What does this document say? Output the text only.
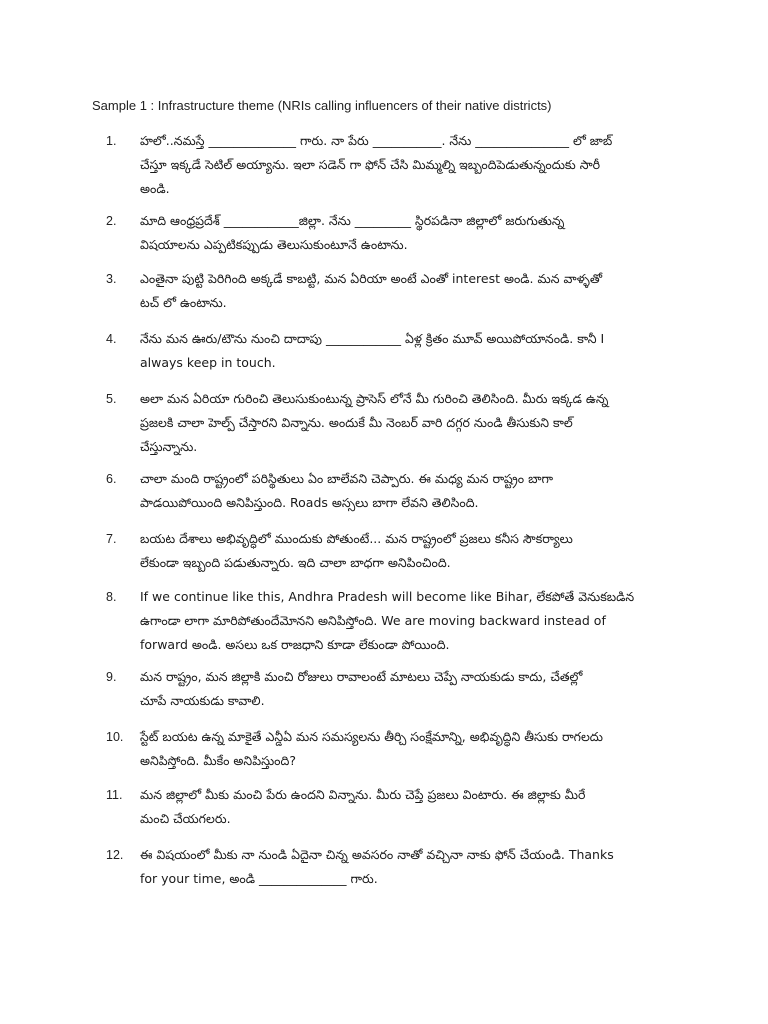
Sample 1 : Infrastructure theme (NRIs calling influencers of their native districts)
1.	హలో..నమస్తే ______________ గారు. నా పేరు ___________. నేను _______________ లో జాబ్
చేస్తూ ఇక్కడే సెటిల్ అయ్యాను. ఇలా సడెన్ గా ఫోన్ చేసి మిమ్మల్ని ఇబ్బందిపెడుతున్నందుకు సారీ
అండి.
2.	మాది ఆంధ్రప్రదేశ్ ____________జిల్లా. నేను _________ స్థిరపడినా జిల్లాలో జరుగుతున్న
విషయాలను ఎప్పటికప్పుడు తెలుసుకుంటూనే ఉంటాను.
3.	ఎంతైనా పుట్టి పెరిగింది అక్కడే కాబట్టి, మన ఏరియా అంటే ఎంతో interest అండి. మన వాళ్ళతో
టచ్ లో ఉంటాను.
4.	నేను మన ఊరు/టౌను నుంచి దాదాపు ____________ ఏళ్ల క్రితం మూవ్ అయిపోయానండి. కానీ I
always keep in touch.
5.	అలా మన ఏరియా గురించి తెలుసుకుంటున్న ప్రాసెస్ లోనే మీ గురించి తెలిసింది. మీరు ఇక్కడ ఉన్న
ప్రజలకి చాలా హెల్ప్ చేస్తారని విన్నాను. అందుకే మీ నెంబర్ వారి దగ్గర నుండి తీసుకుని కాల్
చేస్తున్నాను.
6.	చాలా మంది రాష్ట్రంలో పరిస్థితులు ఏం బాలేవని చెప్పారు. ఈ మధ్య మన రాష్ట్రం బాగా
పాడయిపోయింది అనిపిస్తుంది. Roads అస్సలు బాగా లేవని తెలిసింది.
7.	బయట దేశాలు అభివృద్ధిలో ముందుకు పోతుంటే... మన రాష్ట్రంలో ప్రజలు కనీస సౌకర్యాలు
లేకుండా ఇబ్బంది పడుతున్నారు. ఇది చాలా బాధగా అనిపించింది.
8.	If we continue like this, Andhra Pradesh will become like Bihar, లేకపోతే వెనుకబడిన
ఉగాండా లాగా మారిపోతుందేమోనని అనిపిస్తోంది. We are moving backward instead of
forward అండి. అసలు ఒక రాజధాని కూడా లేకుండా పోయింది.
9.	మన రాష్ట్రం, మన జిల్లాకి మంచి రోజులు రావాలంటే మాటలు చెప్పే నాయకుడు కాదు, చేతల్లో
చూపే నాయకుడు కావాలి.
10.	స్టేట్ బయట ఉన్న మాకైతే ఎన్డీఏ మన సమస్యలను తీర్చి సంక్షేమాన్ని, అభివృద్ధిని తీసుకు రాగలదు
అనిపిస్తోంది. మీకేం అనిపిస్తుంది?
11.	మన జిల్లాలో మీకు మంచి పేరు ఉందని విన్నాను. మీరు చెప్తే ప్రజలు వింటారు. ఈ జిల్లాకు మీరే
మంచి చేయగలరు.
12.	ఈ విషయంలో మీకు నా నుండి ఏదైనా చిన్న అవసరం నాతో వచ్చినా నాకు ఫోన్ చేయండి. Thanks
for your time, అండి ______________ గారు.
